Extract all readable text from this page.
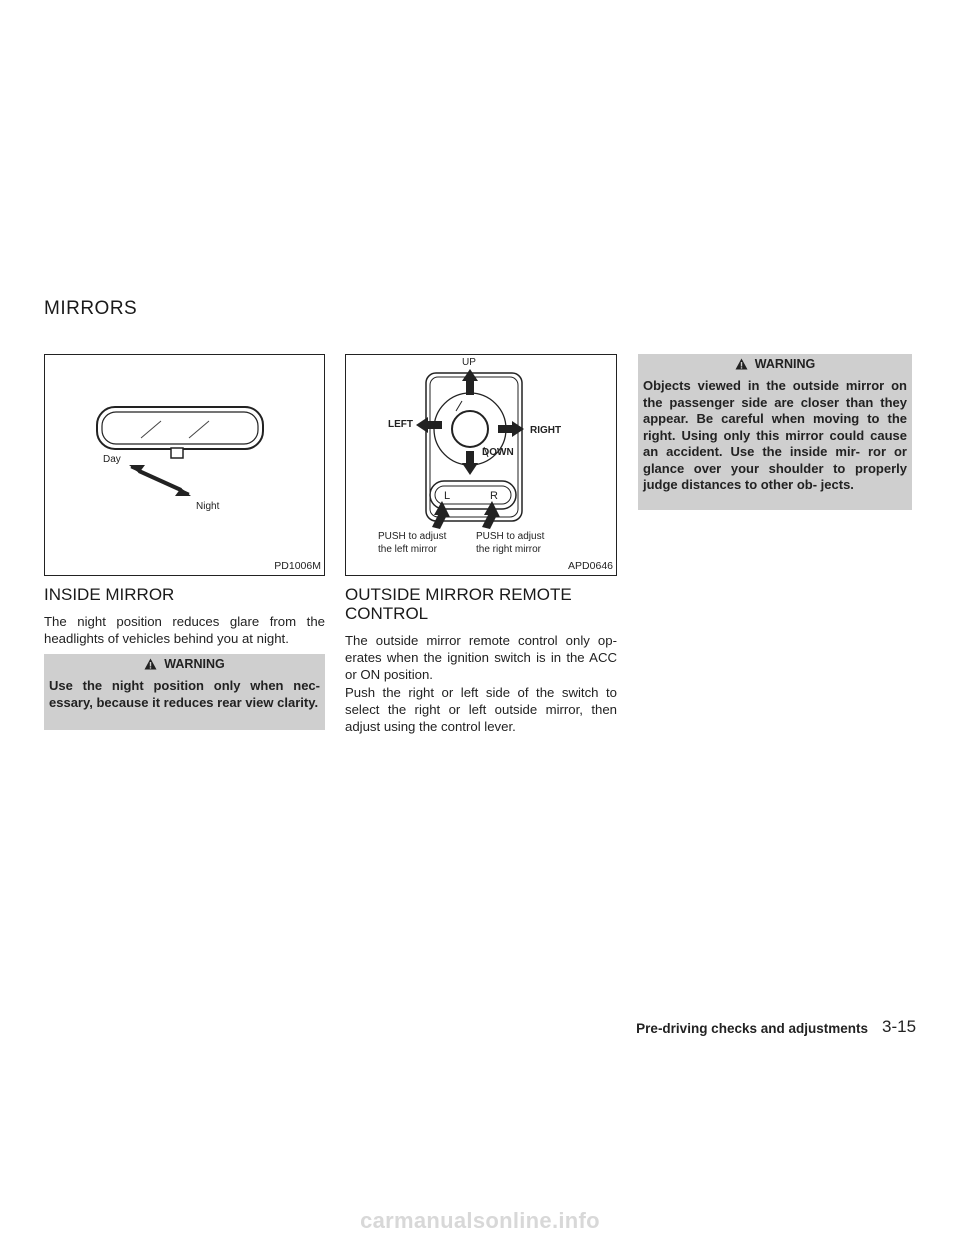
MIRRORS
Day
Night
PD1006M
INSIDE MIRROR

The night position reduces glare from the headlights of vehicles behind you at night.

WARNING
Use the night position only when nec- essary, because it reduces rear view clarity.
UP
LEFT
RIGHT
DOWN
L	R
PUSH to adjust
the left mirror
PUSH to adjust
the right mirror
APD0646
OUTSIDE MIRROR REMOTE
CONTROL

The outside mirror remote control only op- erates when the ignition switch is in the ACC or ON position.

Push the right or left side of the switch to select the right or left outside mirror, then adjust using the control lever.

WARNING
Objects viewed in the outside mirror on the passenger side are closer than they appear. Be careful when moving to the right. Using only this mirror could cause an accident. Use the inside mir- ror or glance over your shoulder to properly judge distances to other ob- jects.
Pre-driving checks and adjustments 3-15
carmanualsonline.info
